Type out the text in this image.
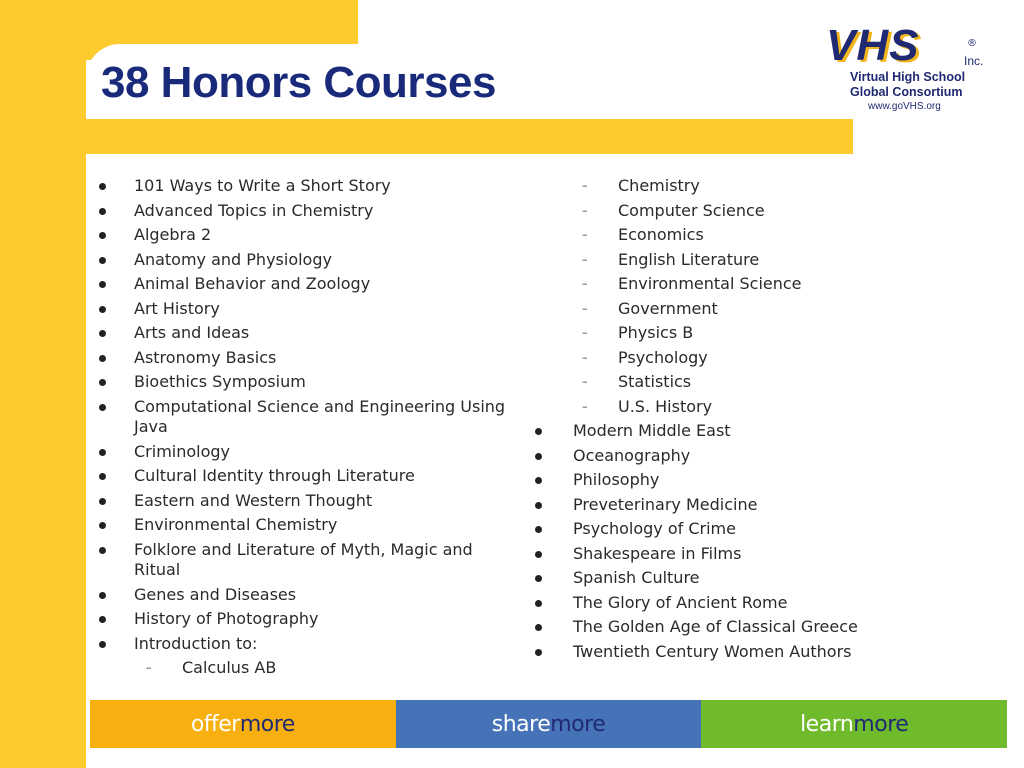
38 Honors Courses
VHS	®
Inc.
Virtual High School
Global Consortium
www.goVHS.org
101 Ways to Write a Short Story
Advanced Topics in Chemistry
Algebra 2
Anatomy and Physiology
Animal Behavior and Zoology
Art History
Arts and Ideas
Astronomy Basics
Bioethics Symposium
Computational Science and Engineering Using Java
Criminology
Cultural Identity through Literature
Eastern and Western Thought
Environmental Chemistry
Folklore and Literature of Myth, Magic and Ritual
Genes and Diseases
History of Photography
Introduction to:
– Calculus AB
– Chemistry
– Computer Science
– Economics
– English Literature
– Environmental Science
– Government
– Physics B
– Psychology
– Statistics
– U.S. History
Modern Middle East
Oceanography
Philosophy
Preveterinary Medicine
Psychology of Crime
Shakespeare in Films
Spanish Culture
The Glory of Ancient Rome
The Golden Age of Classical Greece
Twentieth Century Women Authors
offer more	share more	learn more
